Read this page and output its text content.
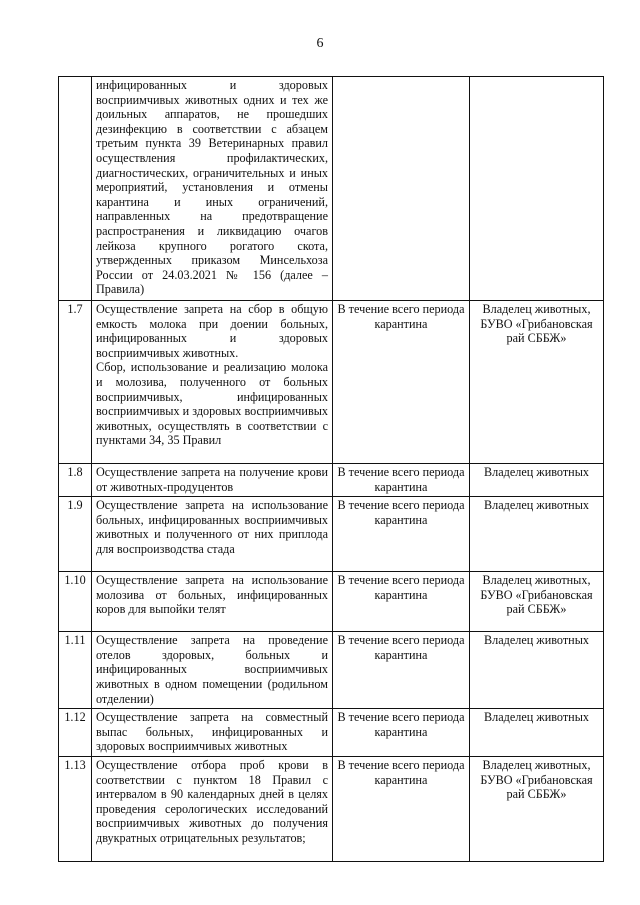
6

	инфицированных и здоровых восприимчивых животных одних и тех же доильных аппаратов, не прошедших дезинфекцию в соответствии с абзацем третьим пункта 39 Ветеринарных правил осуществления профилактических, диагностических, ограничительных и иных мероприятий, установления и отмены карантина и иных ограничений, направленных на предотвращение распространения и ликвидацию очагов лейкоза крупного рогатого скота, утвержденных приказом Минсельхоза России от 24.03.2021 № 156 (далее – Правила)		

1.7	Осуществление запрета на сбор в общую емкость молока при доении больных, инфицированных и здоровых восприимчивых животных.
Сбор, использование и реализацию молока и молозива, полученного от больных восприимчивых, инфицированных восприимчивых и здоровых восприимчивых животных, осуществлять в соответствии с пунктами 34, 35 Правил	В течение всего периода карантина	Владелец животных, БУВО «Грибановская рай СББЖ»
1.8	Осуществление запрета на получение крови от животных-продуцентов	В течение всего периода карантина	Владелец животных
1.9	Осуществление запрета на использование больных, инфицированных восприимчивых животных и полученного от них приплода для воспроизводства стада	В течение всего периода карантина	Владелец животных
1.10	Осуществление запрета на использование молозива от больных, инфицированных коров для выпойки телят	В течение всего периода карантина	Владелец животных, БУВО «Грибановская рай СББЖ»
1.11	Осуществление запрета на проведение отелов здоровых, больных и инфицированных восприимчивых животных в одном помещении (родильном отделении)	В течение всего периода карантина	Владелец животных
1.12	Осуществление запрета на совместный выпас больных, инфицированных и здоровых восприимчивых животных	В течение всего периода карантина	Владелец животных
1.13	Осуществление отбора проб крови в соответствии с пунктом 18 Правил с интервалом в 90 календарных дней в целях проведения серологических исследований восприимчивых животных до получения двукратных отрицательных результатов;	В течение всего периода карантина	Владелец животных, БУВО «Грибановская рай СББЖ»
